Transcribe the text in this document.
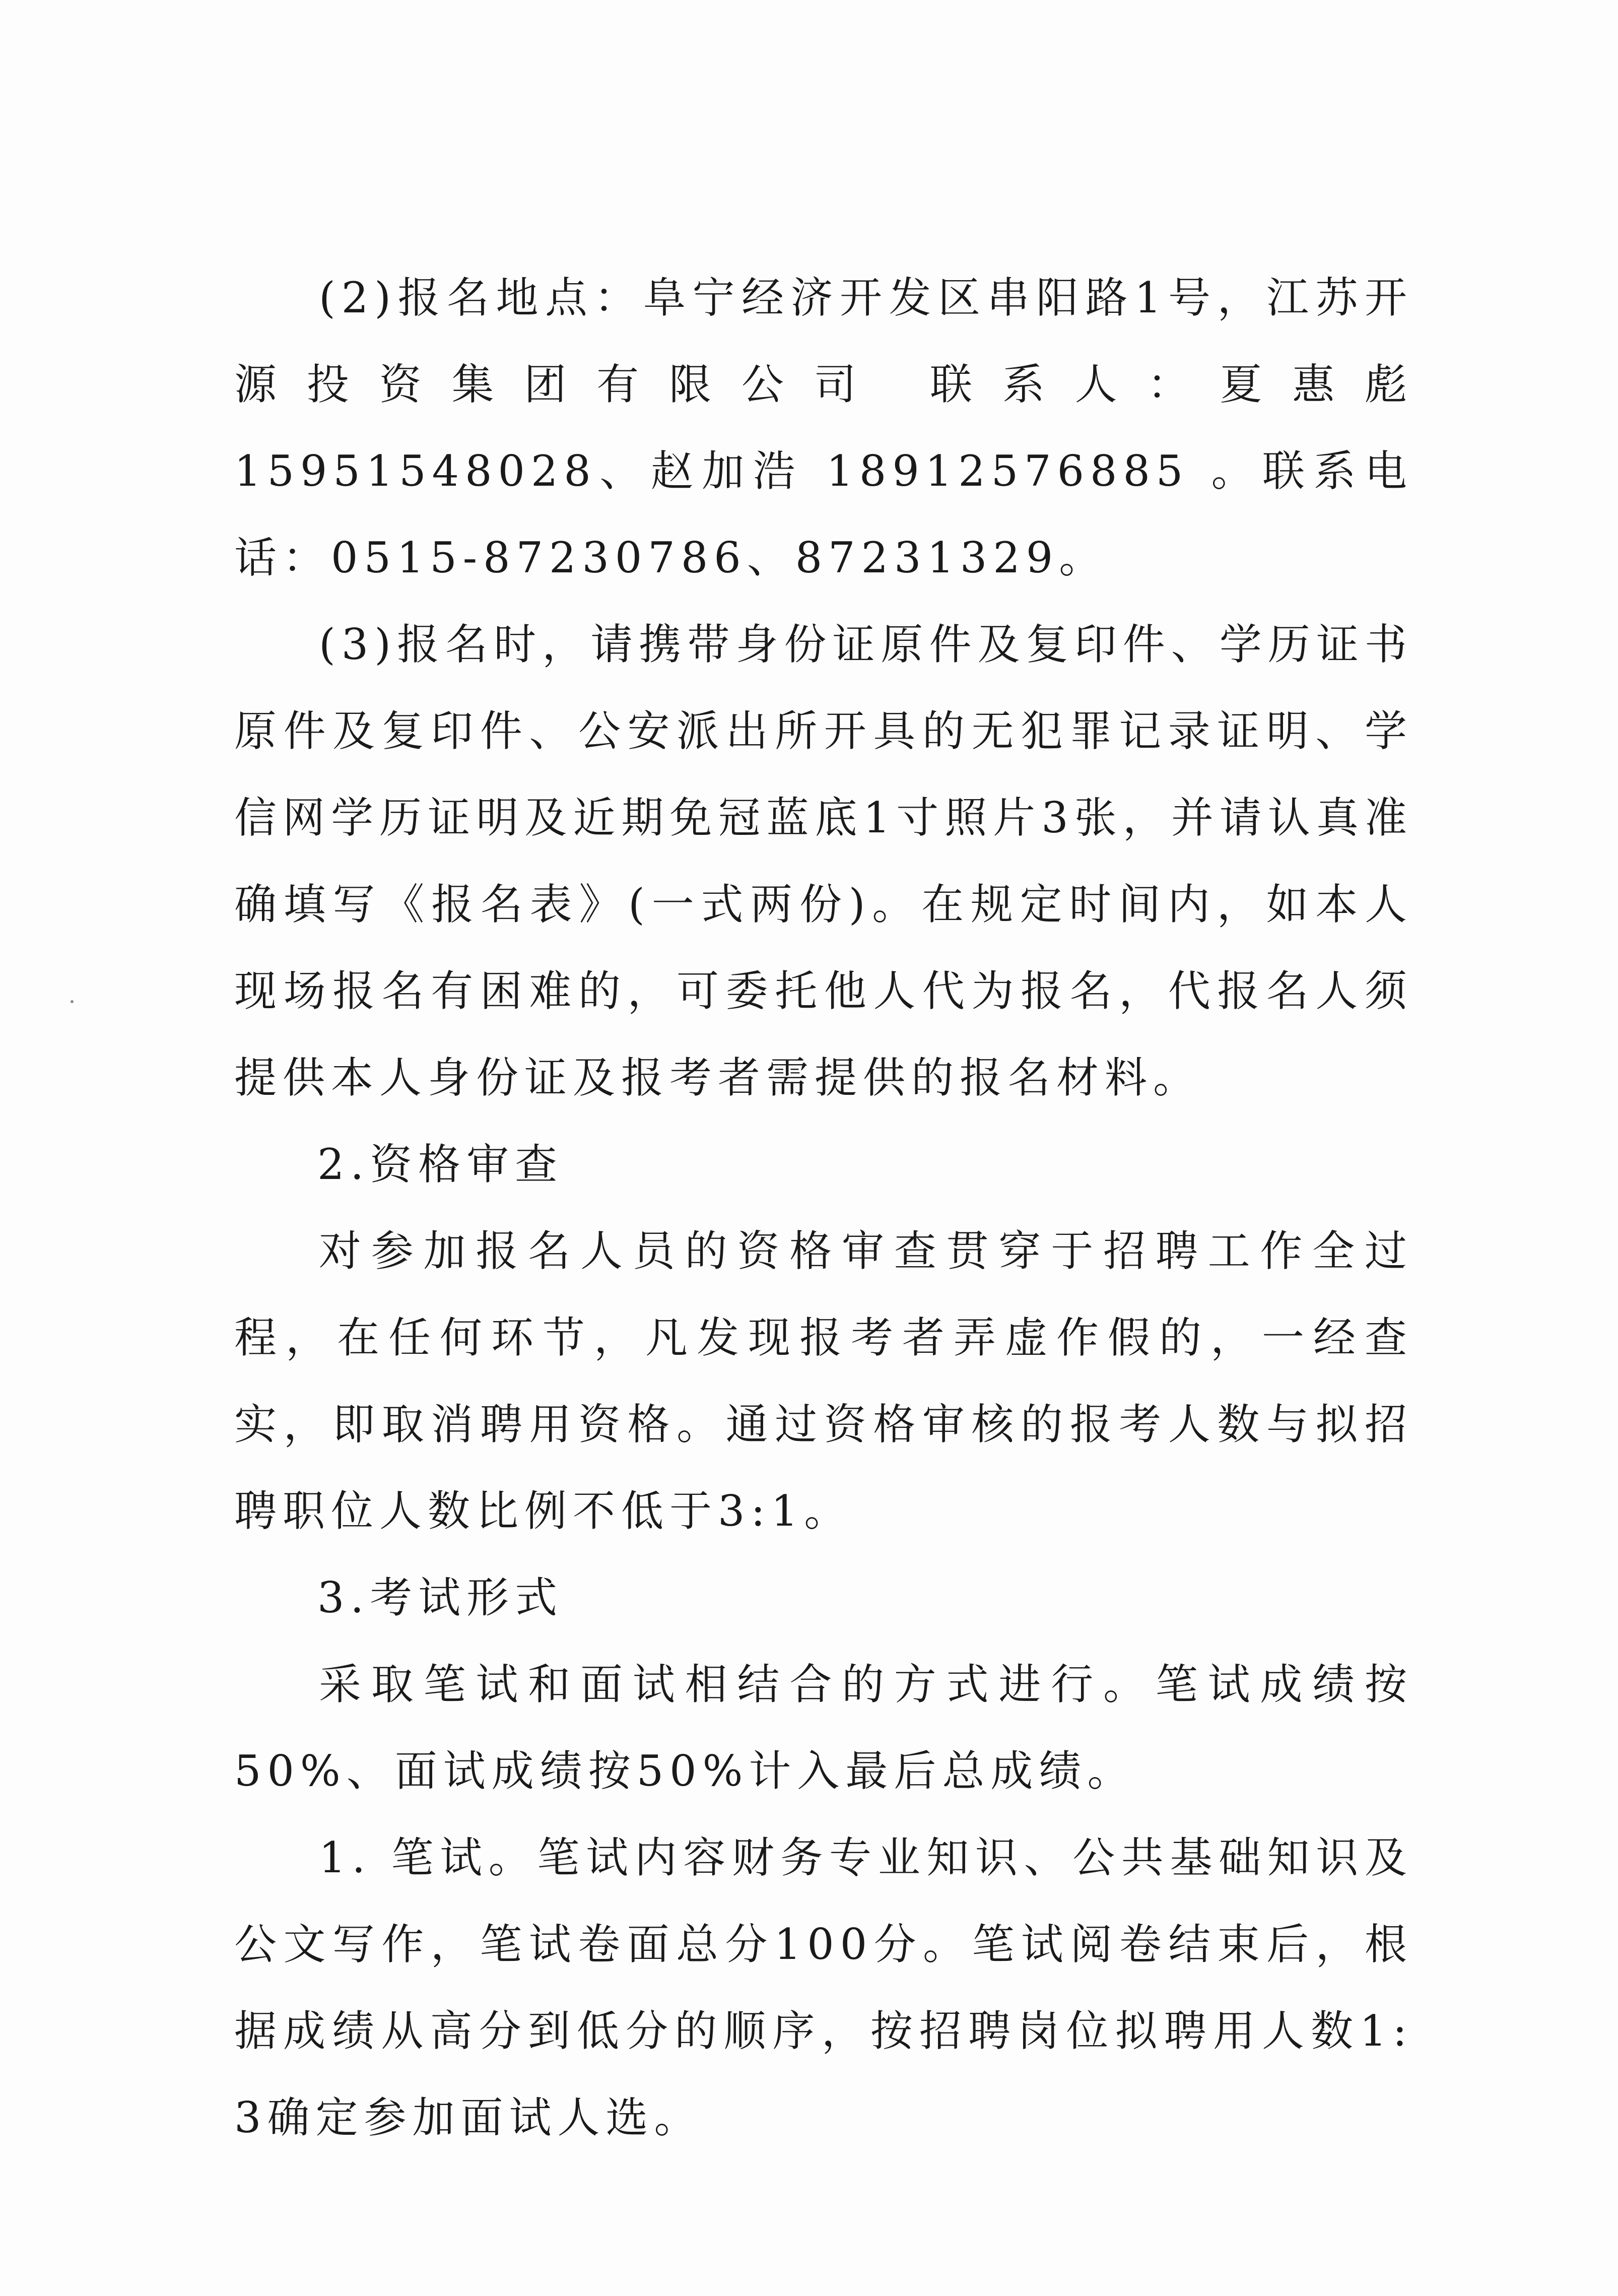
(2)报名地点：阜宁经济开发区串阳路1号，江苏开源投资集团有限公司 联系人：夏惠彪 15951548028、赵加浩 18912576885 。联系电话：0515-87230786、87231329。

(3)报名时，请携带身份证原件及复印件、学历证书原件及复印件、公安派出所开具的无犯罪记录证明、学信网学历证明及近期免冠蓝底1寸照片3张，并请认真准确填写《报名表》(一式两份)。在规定时间内，如本人现场报名有困难的，可委托他人代为报名，代报名人须提供本人身份证及报考者需提供的报名材料。

2.资格审查

对参加报名人员的资格审查贯穿于招聘工作全过程，在任何环节，凡发现报考者弄虚作假的，一经查实，即取消聘用资格。通过资格审核的报考人数与拟招聘职位人数比例不低于3:1。

3.考试形式

采取笔试和面试相结合的方式进行。笔试成绩按50%、面试成绩按50%计入最后总成绩。

1. 笔试。笔试内容财务专业知识、公共基础知识及公文写作，笔试卷面总分100分。笔试阅卷结束后，根据成绩从高分到低分的顺序，按招聘岗位拟聘用人数1: 3确定参加面试人选。
